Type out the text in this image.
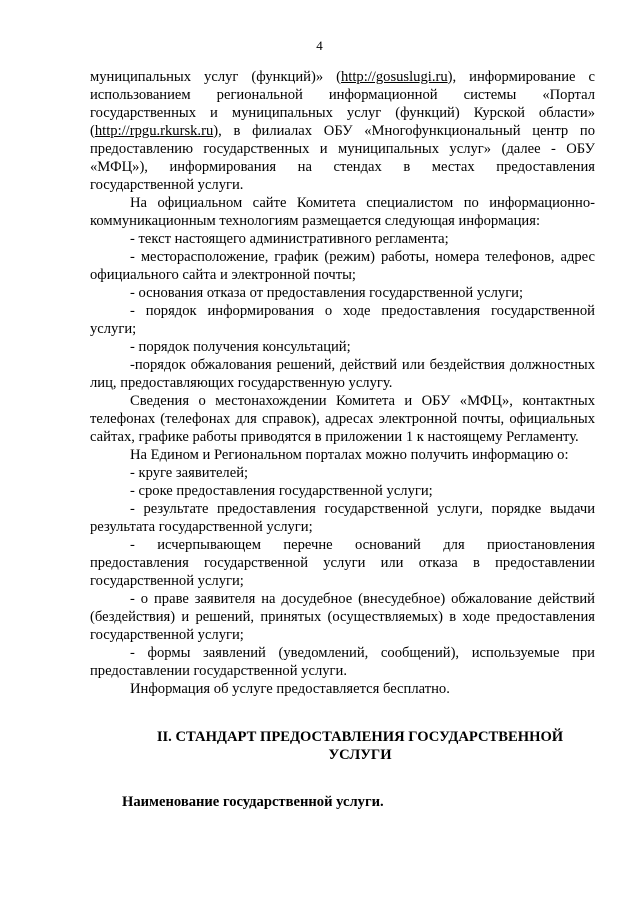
4

муниципальных услуг (функций)» (http://gosuslugi.ru), информирование с использованием региональной информационной системы «Портал государственных и муниципальных услуг (функций) Курской области» (http://rpgu.rkursk.ru), в филиалах ОБУ «Многофункциональный центр по предоставлению государственных и муниципальных услуг» (далее - ОБУ «МФЦ»), информирования на стендах в местах предоставления государственной услуги.

На официальном сайте Комитета специалистом по информационно-коммуникационным технологиям размещается следующая информация:

- текст настоящего административного регламента;

- месторасположение, график (режим) работы, номера телефонов, адрес официального сайта и электронной почты;

- основания отказа от предоставления государственной услуги;

- порядок информирования о ходе предоставления государственной услуги;

- порядок получения консультаций;

-порядок обжалования решений, действий или бездействия должностных лиц, предоставляющих государственную услугу.

Сведения о местонахождении Комитета и ОБУ «МФЦ», контактных телефонах (телефонах для справок), адресах электронной почты, официальных сайтах, графике работы приводятся в приложении 1 к настоящему Регламенту.

На Едином и Региональном порталах можно получить информацию о:

- круге заявителей;

- сроке предоставления государственной услуги;

- результате предоставления государственной услуги, порядке выдачи результата государственной услуги;

- исчерпывающем перечне оснований для приостановления предоставления государственной услуги или отказа в предоставлении государственной услуги;

- о праве заявителя на досудебное (внесудебное) обжалование действий (бездействия) и решений, принятых (осуществляемых) в ходе предоставления государственной услуги;

- формы заявлений (уведомлений, сообщений), используемые при предоставлении государственной услуги.

Информация об услуге предоставляется бесплатно.

II. СТАНДАРТ ПРЕДОСТАВЛЕНИЯ ГОСУДАРСТВЕННОЙ УСЛУГИ
Наименование государственной услуги.
